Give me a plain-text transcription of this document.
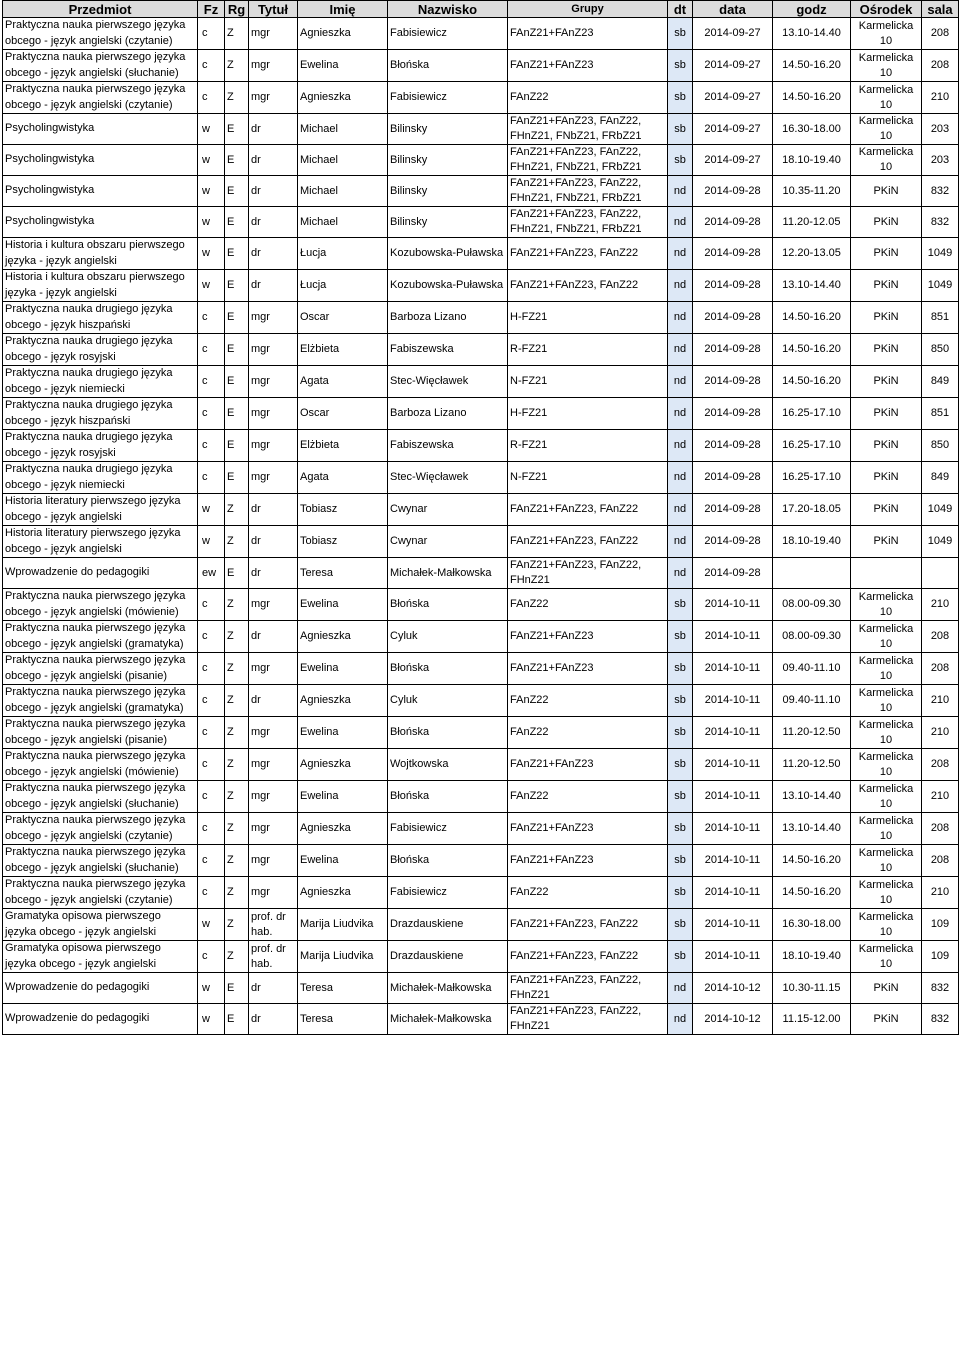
Przedmiot	Fz	Rg	Tytuł	Imię	Nazwisko	Grupy	dt	data	godz	Ośrodek	sala
Praktyczna nauka pierwszego języka obcego - język angielski (czytanie)	c	Z	mgr	Agnieszka	Fabisiewicz	FAnZ21+FAnZ23	sb	2014-09-27	13.10-14.40	Karmelicka 10	208
Praktyczna nauka pierwszego języka obcego - język angielski (słuchanie)	c	Z	mgr	Ewelina	Błońska	FAnZ21+FAnZ23	sb	2014-09-27	14.50-16.20	Karmelicka 10	208
Praktyczna nauka pierwszego języka obcego - język angielski (czytanie)	c	Z	mgr	Agnieszka	Fabisiewicz	FAnZ22	sb	2014-09-27	14.50-16.20	Karmelicka 10	210
Psycholingwistyka	w	E	dr	Michael	Bilinsky	FAnZ21+FAnZ23, FAnZ22, FHnZ21, FNbZ21, FRbZ21	sb	2014-09-27	16.30-18.00	Karmelicka 10	203
Psycholingwistyka	w	E	dr	Michael	Bilinsky	FAnZ21+FAnZ23, FAnZ22, FHnZ21, FNbZ21, FRbZ21	sb	2014-09-27	18.10-19.40	Karmelicka 10	203
Psycholingwistyka	w	E	dr	Michael	Bilinsky	FAnZ21+FAnZ23, FAnZ22, FHnZ21, FNbZ21, FRbZ21	nd	2014-09-28	10.35-11.20	PKiN	832
Psycholingwistyka	w	E	dr	Michael	Bilinsky	FAnZ21+FAnZ23, FAnZ22, FHnZ21, FNbZ21, FRbZ21	nd	2014-09-28	11.20-12.05	PKiN	832
Historia i kultura obszaru pierwszego języka - język angielski	w	E	dr	Łucja	Kozubowska-Puławska	FAnZ21+FAnZ23, FAnZ22	nd	2014-09-28	12.20-13.05	PKiN	1049
Historia i kultura obszaru pierwszego języka - język angielski	w	E	dr	Łucja	Kozubowska-Puławska	FAnZ21+FAnZ23, FAnZ22	nd	2014-09-28	13.10-14.40	PKiN	1049
Praktyczna nauka drugiego języka obcego - język hiszpański	c	E	mgr	Oscar	Barboza Lizano	H-FZ21	nd	2014-09-28	14.50-16.20	PKiN	851
Praktyczna nauka drugiego języka obcego - język rosyjski	c	E	mgr	Elżbieta	Fabiszewska	R-FZ21	nd	2014-09-28	14.50-16.20	PKiN	850
Praktyczna nauka drugiego języka obcego - język niemiecki	c	E	mgr	Agata	Stec-Więcławek	N-FZ21	nd	2014-09-28	14.50-16.20	PKiN	849
Praktyczna nauka drugiego języka obcego - język hiszpański	c	E	mgr	Oscar	Barboza Lizano	H-FZ21	nd	2014-09-28	16.25-17.10	PKiN	851
Praktyczna nauka drugiego języka obcego - język rosyjski	c	E	mgr	Elżbieta	Fabiszewska	R-FZ21	nd	2014-09-28	16.25-17.10	PKiN	850
Praktyczna nauka drugiego języka obcego - język niemiecki	c	E	mgr	Agata	Stec-Więcławek	N-FZ21	nd	2014-09-28	16.25-17.10	PKiN	849
Historia literatury pierwszego języka obcego - język angielski	w	Z	dr	Tobiasz	Cwynar	FAnZ21+FAnZ23, FAnZ22	nd	2014-09-28	17.20-18.05	PKiN	1049
Historia literatury pierwszego języka obcego - język angielski	w	Z	dr	Tobiasz	Cwynar	FAnZ21+FAnZ23, FAnZ22	nd	2014-09-28	18.10-19.40	PKiN	1049
Wprowadzenie do pedagogiki	ew	E	dr	Teresa	Michałek-Małkowska	FAnZ21+FAnZ23, FAnZ22, FHnZ21	nd	2014-09-28			
Praktyczna nauka pierwszego języka obcego - język angielski (mówienie)	c	Z	mgr	Ewelina	Błońska	FAnZ22	sb	2014-10-11	08.00-09.30	Karmelicka 10	210
Praktyczna nauka pierwszego języka obcego - język angielski (gramatyka)	c	Z	dr	Agnieszka	Cyluk	FAnZ21+FAnZ23	sb	2014-10-11	08.00-09.30	Karmelicka 10	208
Praktyczna nauka pierwszego języka obcego - język angielski (pisanie)	c	Z	mgr	Ewelina	Błońska	FAnZ21+FAnZ23	sb	2014-10-11	09.40-11.10	Karmelicka 10	208
Praktyczna nauka pierwszego języka obcego - język angielski (gramatyka)	c	Z	dr	Agnieszka	Cyluk	FAnZ22	sb	2014-10-11	09.40-11.10	Karmelicka 10	210
Praktyczna nauka pierwszego języka obcego - język angielski (pisanie)	c	Z	mgr	Ewelina	Błońska	FAnZ22	sb	2014-10-11	11.20-12.50	Karmelicka 10	210
Praktyczna nauka pierwszego języka obcego - język angielski (mówienie)	c	Z	mgr	Agnieszka	Wojtkowska	FAnZ21+FAnZ23	sb	2014-10-11	11.20-12.50	Karmelicka 10	208
Praktyczna nauka pierwszego języka obcego - język angielski (słuchanie)	c	Z	mgr	Ewelina	Błońska	FAnZ22	sb	2014-10-11	13.10-14.40	Karmelicka 10	210
Praktyczna nauka pierwszego języka obcego - język angielski (czytanie)	c	Z	mgr	Agnieszka	Fabisiewicz	FAnZ21+FAnZ23	sb	2014-10-11	13.10-14.40	Karmelicka 10	208
Praktyczna nauka pierwszego języka obcego - język angielski (słuchanie)	c	Z	mgr	Ewelina	Błońska	FAnZ21+FAnZ23	sb	2014-10-11	14.50-16.20	Karmelicka 10	208
Praktyczna nauka pierwszego języka obcego - język angielski (czytanie)	c	Z	mgr	Agnieszka	Fabisiewicz	FAnZ22	sb	2014-10-11	14.50-16.20	Karmelicka 10	210
Gramatyka opisowa pierwszego języka obcego - język angielski	w	Z	prof. dr hab.	Marija Liudvika	Drazdauskiene	FAnZ21+FAnZ23, FAnZ22	sb	2014-10-11	16.30-18.00	Karmelicka 10	109
Gramatyka opisowa pierwszego języka obcego - język angielski	c	Z	prof. dr hab.	Marija Liudvika	Drazdauskiene	FAnZ21+FAnZ23, FAnZ22	sb	2014-10-11	18.10-19.40	Karmelicka 10	109
Wprowadzenie do pedagogiki	w	E	dr	Teresa	Michałek-Małkowska	FAnZ21+FAnZ23, FAnZ22, FHnZ21	nd	2014-10-12	10.30-11.15	PKiN	832
Wprowadzenie do pedagogiki	w	E	dr	Teresa	Michałek-Małkowska	FAnZ21+FAnZ23, FAnZ22, FHnZ21	nd	2014-10-12	11.15-12.00	PKiN	832
